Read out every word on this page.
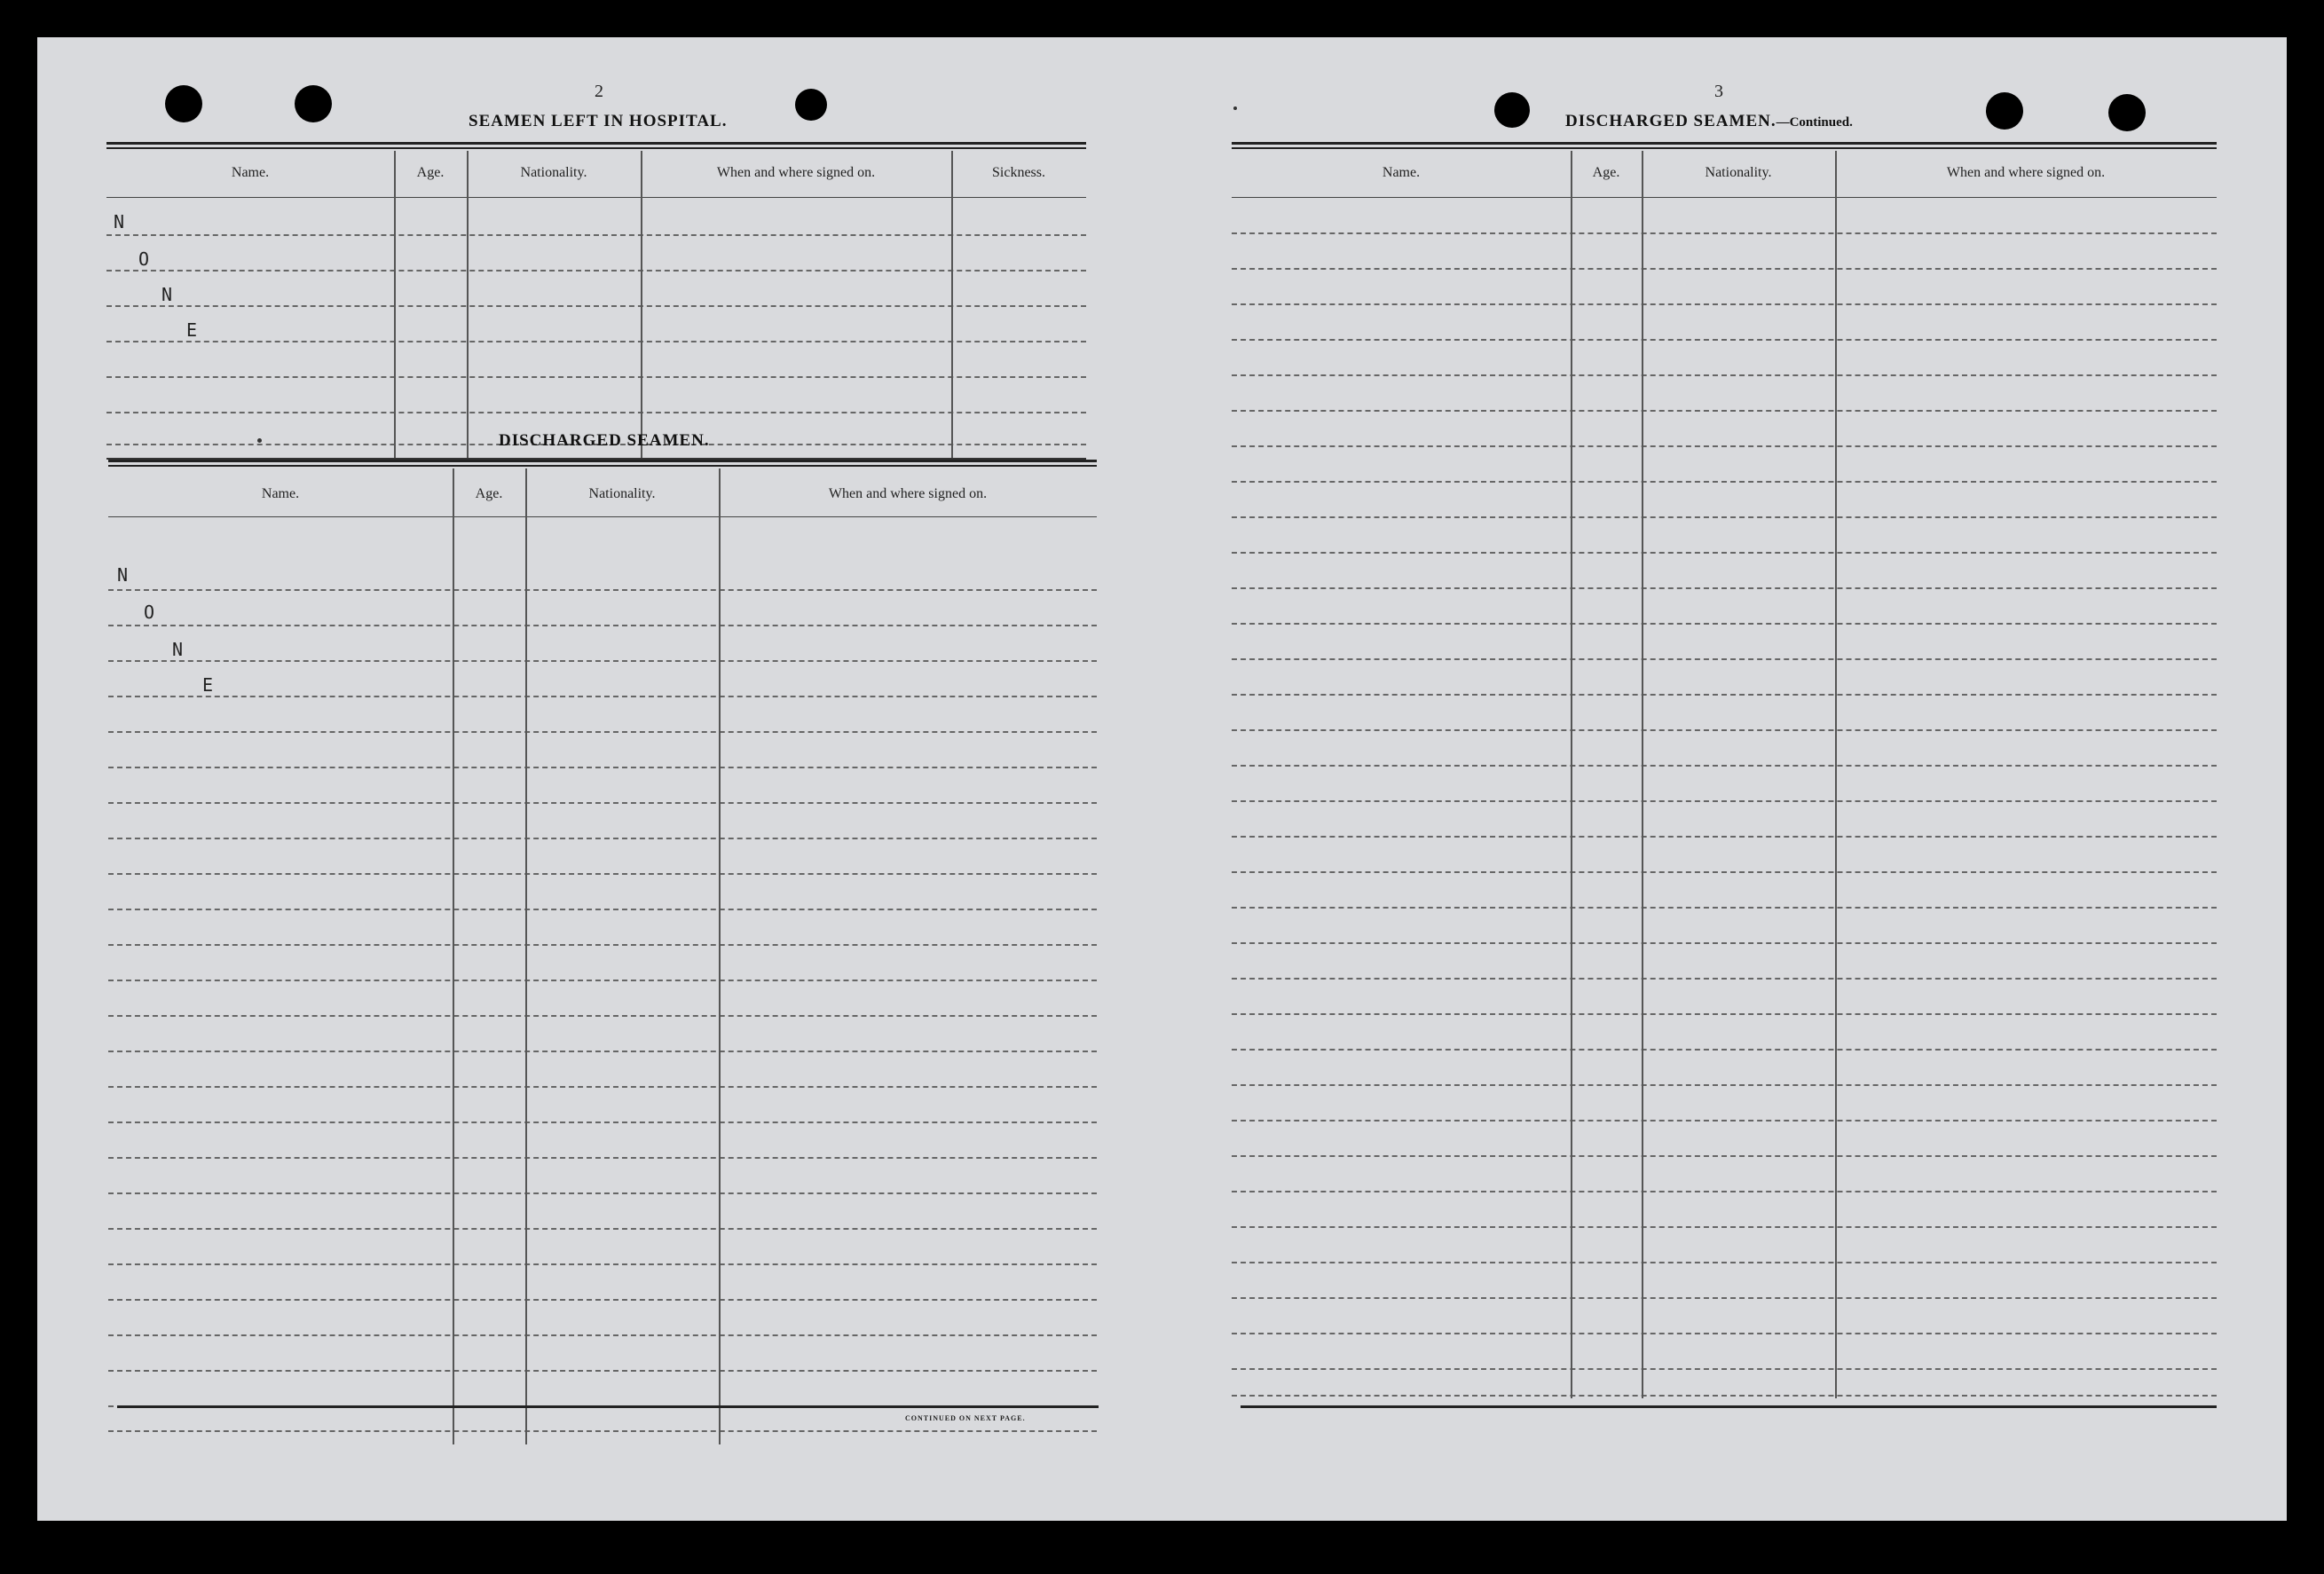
2
SEAMEN LEFT IN HOSPITAL.
Name.	Age.	Nationality.	When and where signed on.	Sickness.
N
O
N
E
DISCHARGED SEAMEN.
Name.	Age.	Nationality.	When and where signed on.
N
O
N
E
CONTINUED ON NEXT PAGE.
3
DISCHARGED SEAMEN.—Continued.
Name.	Age.	Nationality.	When and where signed on.
